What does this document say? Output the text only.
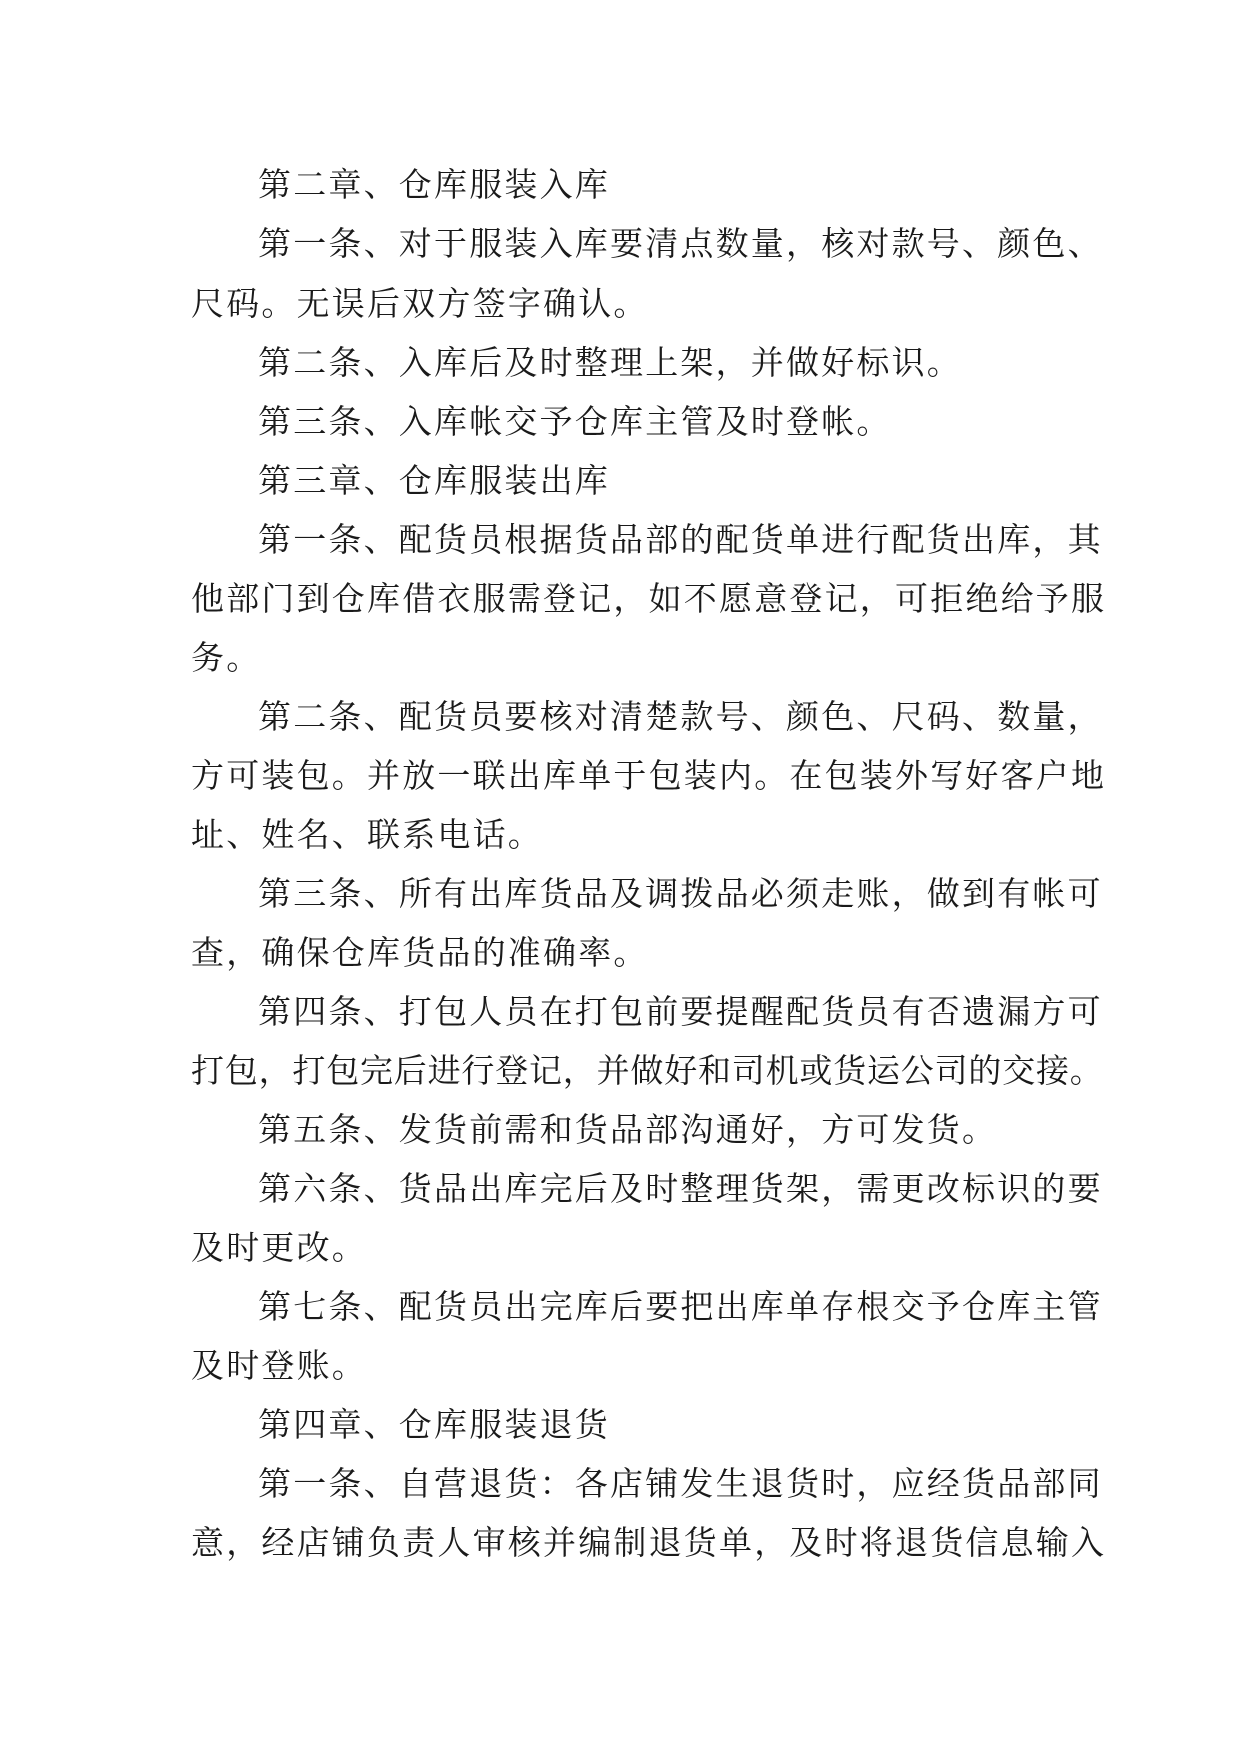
第二章、仓库服装入库

第一条、对于服装入库要清点数量，核对款号、颜色、

尺码。无误后双方签字确认。

第二条、入库后及时整理上架，并做好标识。

第三条、入库帐交予仓库主管及时登帐。

第三章、仓库服装出库

第一条、配货员根据货品部的配货单进行配货出库，其

他部门到仓库借衣服需登记，如不愿意登记，可拒绝给予服

务。

第二条、配货员要核对清楚款号、颜色、尺码、数量，

方可装包。并放一联出库单于包装内。在包装外写好客户地

址、姓名、联系电话。

第三条、所有出库货品及调拨品必须走账，做到有帐可

查，确保仓库货品的准确率。

第四条、打包人员在打包前要提醒配货员有否遗漏方可

打包，打包完后进行登记，并做好和司机或货运公司的交接。

第五条、发货前需和货品部沟通好，方可发货。

第六条、货品出库完后及时整理货架，需更改标识的要

及时更改。

第七条、配货员出完库后要把出库单存根交予仓库主管

及时登账。

第四章、仓库服装退货

第一条、自营退货：各店铺发生退货时，应经货品部同

意，经店铺负责人审核并编制退货单，及时将退货信息输入
